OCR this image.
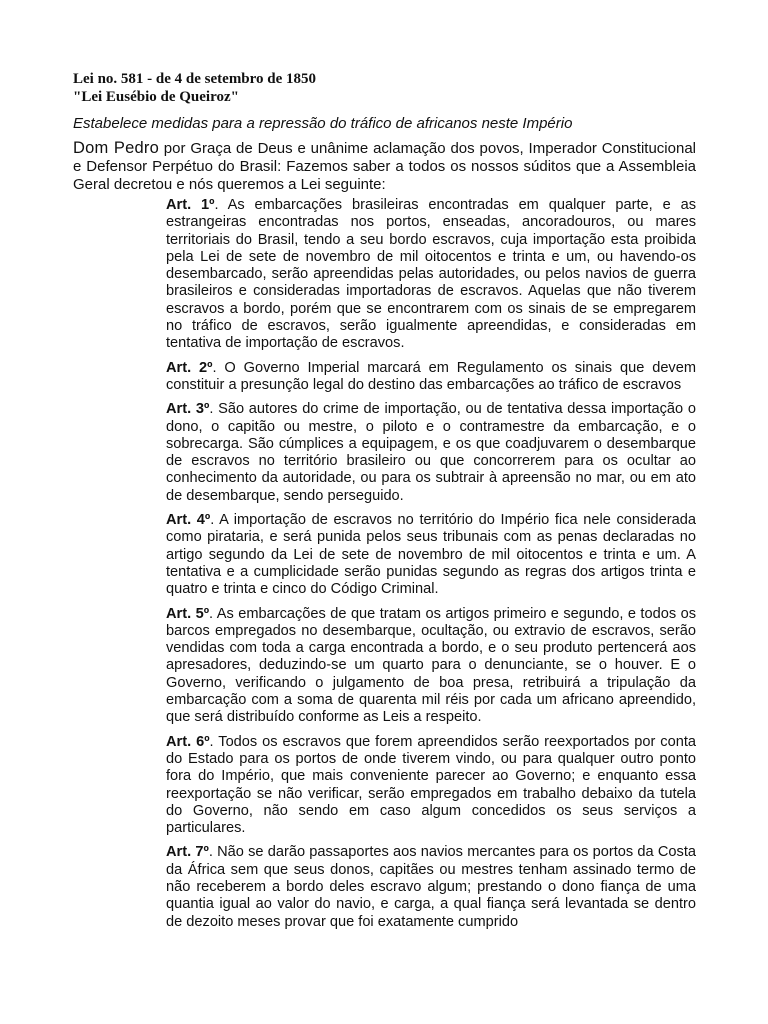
Lei no. 581 - de 4 de setembro de 1850

"Lei Eusébio de Queiroz"

Estabelece medidas para a repressão do tráfico de africanos neste Império

Dom Pedro por Graça de Deus e unânime aclamação dos povos, Imperador Constitucional e Defensor Perpétuo do Brasil: Fazemos saber a todos os nossos súditos que a Assembleia Geral decretou e nós queremos a Lei seguinte:

Art. 1º. As embarcações brasileiras encontradas em qualquer parte, e as estrangeiras encontradas nos portos, enseadas, ancoradouros, ou mares territoriais do Brasil, tendo a seu bordo escravos, cuja importação esta proibida pela Lei de sete de novembro de mil oitocentos e trinta e um, ou havendo-os desembarcado, serão apreendidas pelas autoridades, ou pelos navios de guerra brasileiros e consideradas importadoras de escravos. Aquelas que não tiverem escravos a bordo, porém que se encontrarem com os sinais de se empregarem no tráfico de escravos, serão igualmente apreendidas, e consideradas em tentativa de importação de escravos.

Art. 2º. O Governo Imperial marcará em Regulamento os sinais que devem constituir a presunção legal do destino das embarcações ao tráfico de escravos

Art. 3º. São autores do crime de importação, ou de tentativa dessa importação o dono, o capitão ou mestre, o piloto e o contramestre da embarcação, e o sobrecarga. São cúmplices a equipagem, e os que coadjuvarem o desembarque de escravos no território brasileiro ou que concorrerem para os ocultar ao conhecimento da autoridade, ou para os subtrair à apreensão no mar, ou em ato de desembarque, sendo perseguido.

Art. 4º. A importação de escravos no território do Império fica nele considerada como pirataria, e será punida pelos seus tribunais com as penas declaradas no artigo segundo da Lei de sete de novembro de mil oitocentos e trinta e um. A tentativa e a cumplicidade serão punidas segundo as regras dos artigos trinta e quatro e trinta e cinco do Código Criminal.

Art. 5º. As embarcações de que tratam os artigos primeiro e segundo, e todos os barcos empregados no desembarque, ocultação, ou extravio de escravos, serão vendidas com toda a carga encontrada a bordo, e o seu produto pertencerá aos apresadores, deduzindo-se um quarto para o denunciante, se o houver. E o Governo, verificando o julgamento de boa presa, retribuirá a tripulação da embarcação com a soma de quarenta mil réis por cada um africano apreendido, que será distribuído conforme as Leis a respeito.

Art. 6º. Todos os escravos que forem apreendidos serão reexportados por conta do Estado para os portos de onde tiverem vindo, ou para qualquer outro ponto fora do Império, que mais conveniente parecer ao Governo; e enquanto essa reexportação se não verificar, serão empregados em trabalho debaixo da tutela do Governo, não sendo em caso algum concedidos os seus serviços a particulares.

Art. 7º. Não se darão passaportes aos navios mercantes para os portos da Costa da África sem que seus donos, capitães ou mestres tenham assinado termo de não receberem a bordo deles escravo algum; prestando o dono fiança de uma quantia igual ao valor do navio, e carga, a qual fiança será levantada se dentro de dezoito meses provar que foi exatamente cumprido
